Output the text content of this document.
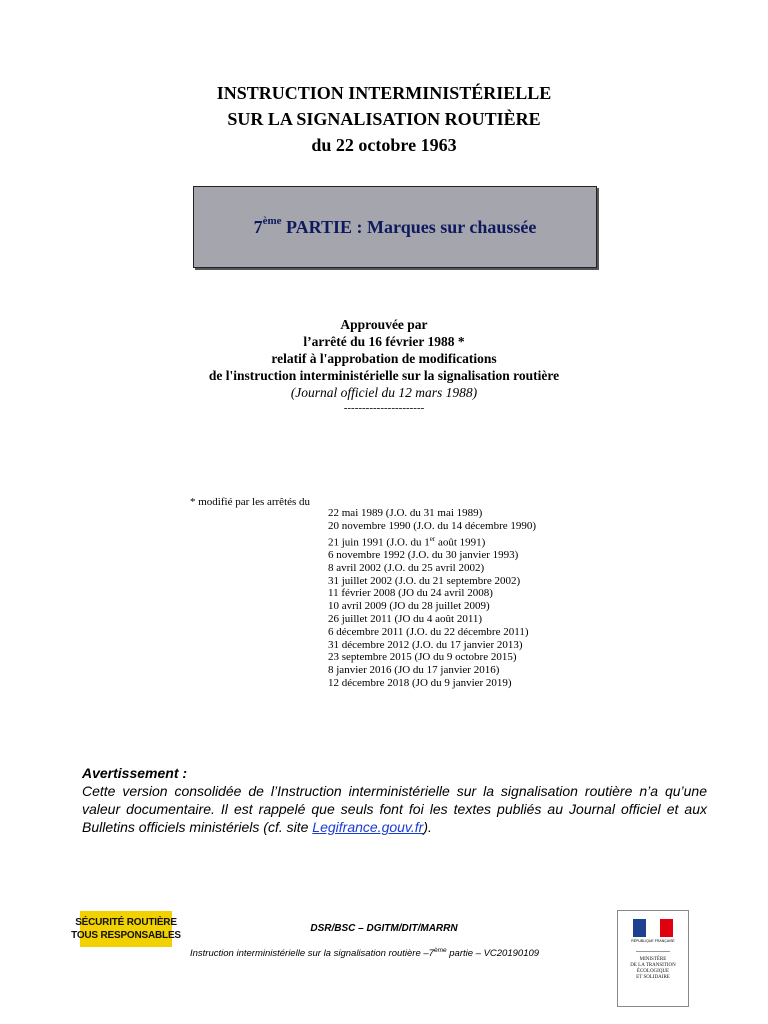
INSTRUCTION INTERMINISTÉRIELLE
SUR LA SIGNALISATION ROUTIÈRE
du 22 octobre 1963
7ème PARTIE : Marques sur chaussée
Approuvée par
l’arrêté du 16 février 1988 *
relatif à l'approbation de modifications
de l'instruction interministérielle sur la signalisation routière
(Journal officiel du 12 mars 1988)
----------------------
* modifié par les arrêtés du
22 mai 1989 (J.O. du 31 mai 1989)
20 novembre 1990 (J.O. du 14 décembre 1990)
21 juin 1991 (J.O. du 1er août 1991)
6 novembre 1992 (J.O. du 30 janvier 1993)
8 avril 2002 (J.O. du 25 avril 2002)
31 juillet 2002 (J.O. du 21 septembre 2002)
11 février 2008 (JO du 24 avril 2008)
10 avril 2009 (JO du 28 juillet 2009)
26 juillet 2011 (JO du 4 août 2011)
6 décembre 2011 (J.O. du 22 décembre 2011)
31 décembre 2012 (J.O. du 17 janvier 2013)
23 septembre 2015 (JO du 9 octobre 2015)
8 janvier 2016 (JO du 17 janvier 2016)
12 décembre 2018 (JO du 9 janvier 2019)
Avertissement :
Cette version consolidée de l’Instruction interministérielle sur la signalisation routière n’a qu’une valeur documentaire. Il est rappelé que seuls font foi les textes publiés au Journal officiel et aux Bulletins officiels ministériels (cf. site Legifrance.gouv.fr).
SÉCURITÉ ROUTIÈRE
TOUS RESPONSABLES
DSR/BSC – DGITM/DIT/MARRN
Instruction interministérielle sur la signalisation routière –7ème partie – VC20190109
RÉPUBLIQUE FRANÇAISE
MINISTÈRE
DE LA TRANSITION
ÉCOLOGIQUE
ET SOLIDAIRE
